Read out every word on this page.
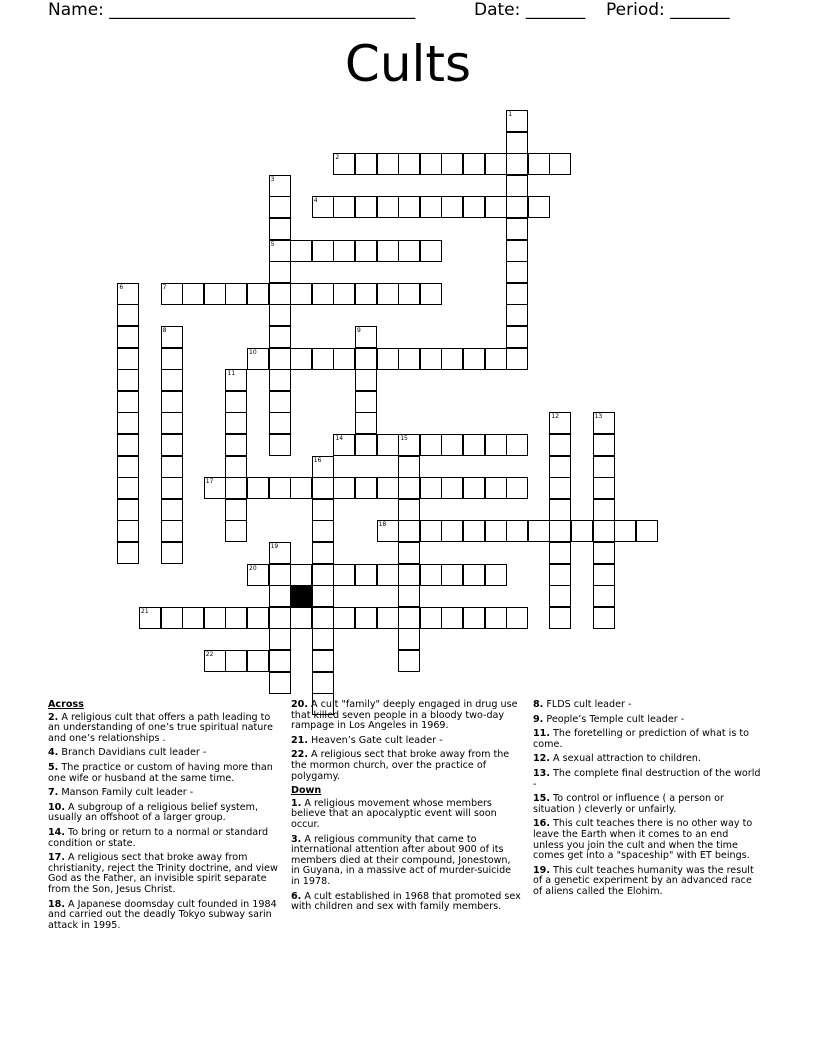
Name: ____________________________________	Date: _______ Period: _______
Cults
1
2
3
5
4
6	7
8	9
10
11
12	13
14	15
16
17
18
19
20
21
22

Across

2. A religious cult that offers a path leading to an understanding of one’s true spiritual nature and one’s relationships .

4. Branch Davidians cult leader -

5. The practice or custom of having more than one wife or husband at the same time.

7. Manson Family cult leader -

10. A subgroup of a religious belief system, usually an offshoot of a larger group.

14. To bring or return to a normal or standard condition or state.

17. A religious sect that broke away from christianity, reject the Trinity doctrine, and view God as the Father, an invisible spirit separate from the Son, Jesus Christ.

18. A Japanese doomsday cult founded in 1984 and carried out the deadly Tokyo subway sarin attack in 1995.

20. A cult "family" deeply engaged in drug use that killed seven people in a bloody two-day rampage in Los Angeles in 1969.

21. Heaven’s Gate cult leader -

22. A religious sect that broke away from the the mormon church, over the practice of polygamy.

Down

1. A religious movement whose members believe that an apocalyptic event will soon occur.

3. A religious community that came to international attention after about 900 of its members died at their compound, Jonestown, in Guyana, in a massive act of murder-suicide in 1978.

6. A cult established in 1968 that promoted sex with children and sex with family members.

8. FLDS cult leader -

9. People’s Temple cult leader -

11. The foretelling or prediction of what is to come.

12. A sexual attraction to children.

13. The complete final destruction of the world -

15. To control or influence ( a person or situation ) cleverly or unfairly.

16. This cult teaches there is no other way to leave the Earth when it comes to an end unless you join the cult and when the time comes get into a "spaceship" with ET beings.

19. This cult teaches humanity was the result of a genetic experiment by an advanced race of aliens called the Elohim.
